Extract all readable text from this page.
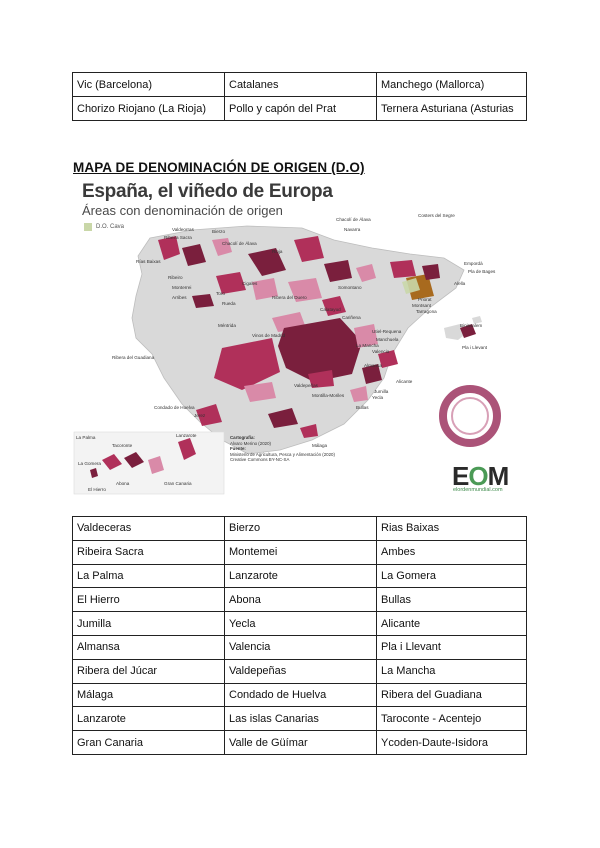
Vic (Barcelona)	Catalanes	Manchego (Mallorca)
Chorizo Riojano (La Rioja)	Pollo y capón del Prat	Ternera Asturiana (Asturias
MAPA DE DENOMINACIÓN DE ORIGEN (D.O)
España, el viñedo de Europa
Áreas con denominación de origen
D.O. Cava
Rías Baixas
Valdeorras	Bierzo
Ribeira Sacra
Ribeiro
Monterrei
Chacolí de Álava
Chacolí de Álava
Navarra
Rioja
Arribes
Toro
Rueda
Ribera del Duero
Cigales
Somontano
Costers del Segre
Empordà
Pla de Bages
Alella
Tarragona
Priorat
Montsant
Calatayud
Cariñena
Méntrida
Vinos de Madrid
La Mancha
Valdepeñas
Almansa
Valencia
Alicante
Jumilla
Yecla
Bullas
Utiel-Requena
Manchuela
Ribera del Guadiana
Montilla-Moriles
Málaga
Jerez
Condado de Huelva
Pla i Llevant
Binissalem
La Palma
Tacoronte
Lanzarote
Gran Canaria
El Hierro
La Gomera
Abona
Cartografía:
Alvaro Merino (2020)
Fuente:
Ministerio de Agricultura, Pesca y Alimentación (2020)
Creative Commons BY-NC-SA
EOM
elordenmundial.com
Valdeceras	Bierzo	Rias Baixas
Ribeira Sacra	Montemei	Ambes
La Palma	Lanzarote	La Gomera
El Hierro	Abona	Bullas
Jumilla	Yecla	Alicante
Almansa	Valencia	Pla i Llevant
Ribera del Júcar	Valdepeñas	La Mancha
Málaga	Condado de Huelva	Ribera del Guadiana
Lanzarote	Las islas Canarias	Taroconte - Acentejo
Gran Canaria	Valle de Güímar	Ycoden-Daute-Isidora
